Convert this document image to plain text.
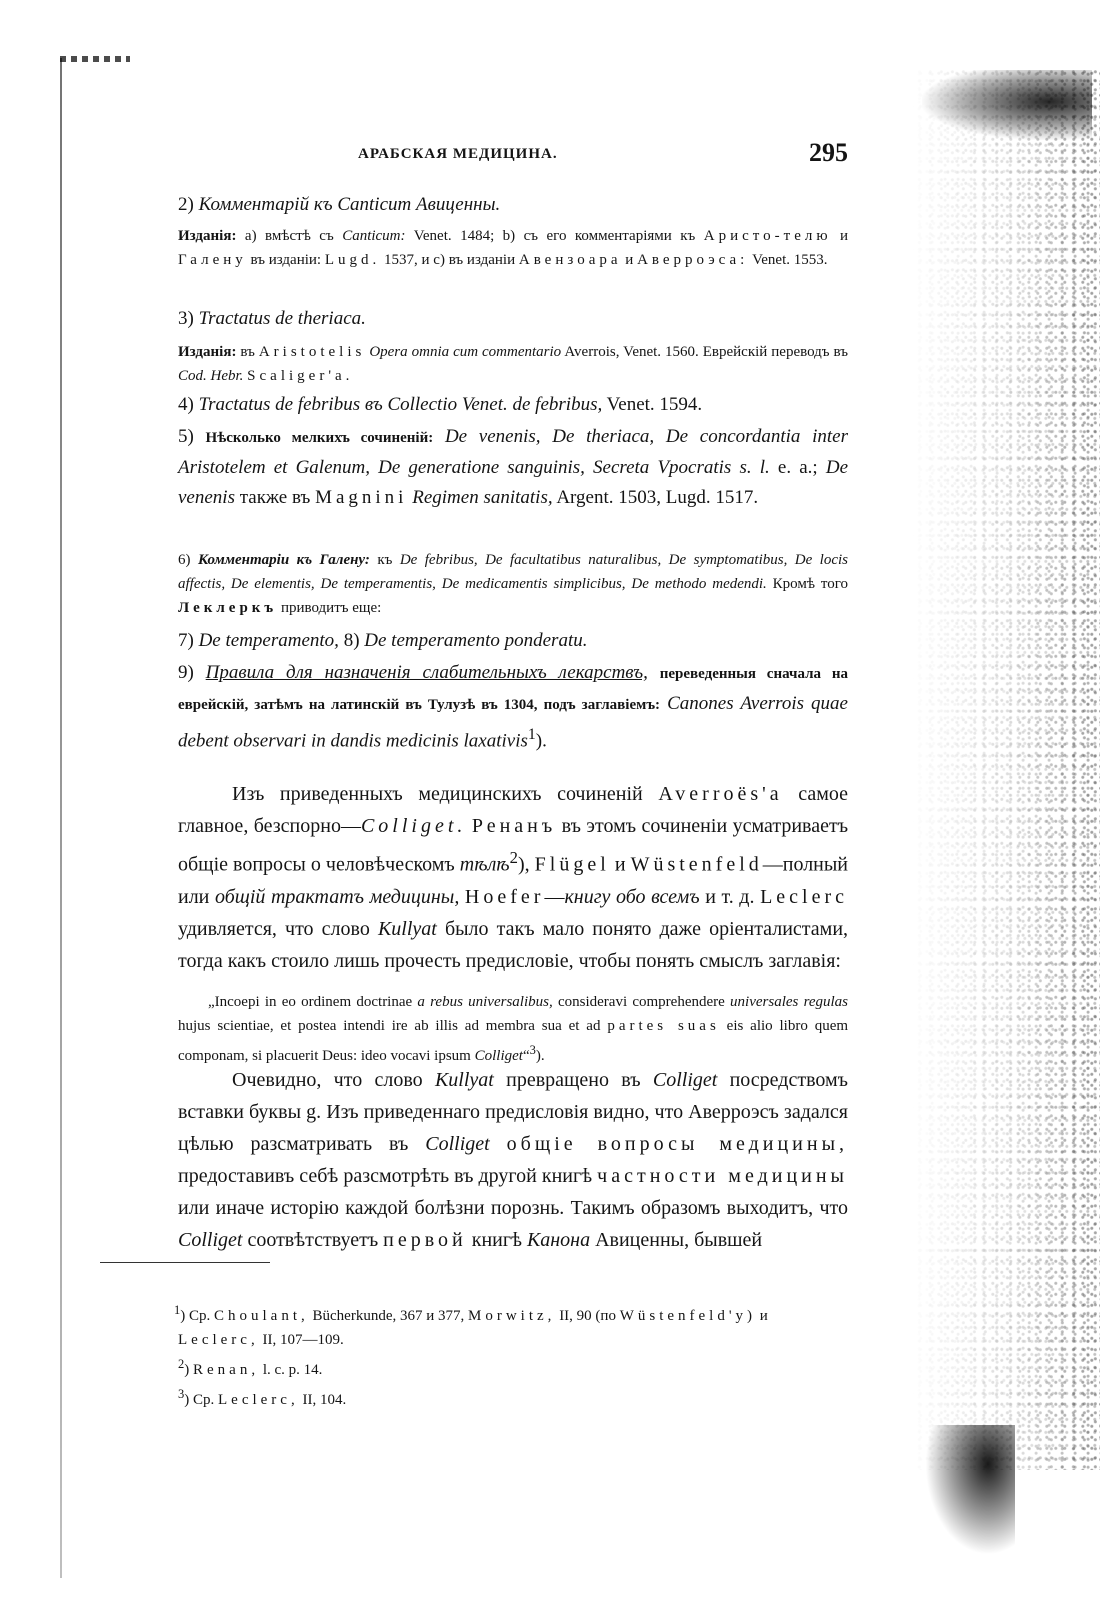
АРАБСКАЯ МЕДИЦИНА.	295

2) Комментарiй къ Canticum Авиценны.

Изданія: a) вмѣстѣ съ Canticum: Venet. 1484; b) съ его комментаріями къ Аристо-телю и Галену въ изданіи: Lugd. 1537, и c) въ изданіи Авензоара и Аверроэса: Venet. 1553.

3) Tractatus de theriaca.

Изданія: въ Aristotelis Opera omnia cum commentario Averrois, Venet. 1560. Еврейскій переводъ въ Cod. Hebr. Scaliger'a.

4) Tractatus de febribus въ Collectio Venet. de febribus, Venet. 1594.

5) Нѣсколько мелкихъ сочиненій: De venenis, De theriaca, De concordantia inter Aristotelem et Galenum, De generatione sanguinis, Secreta Vpocratis s. l. e. a.; De venenis также въ Magnini Regimen sanitatis, Argent. 1503, Lugd. 1517.

6) Комментаріи къ Галену: къ De febribus, De facultatibus naturalibus, De symptomatibus, De locis affectis, De elementis, De temperamentis, De medicamentis simplicibus, De methodo medendi. Кромѣ того Леклеркъ приводитъ еще:

7) De temperamento, 8) De temperamento ponderatu.

9) Правила для назначенія слабительныхъ лекарствъ, переведенныя сначала на еврейскій, затѣмъ на латинскій въ Тулузѣ въ 1304, подъ заглавіемъ: Canones Averrois quae debent observari in dandis medicinis laxativis$^1$).

Изъ приведенныхъ медицинскихъ сочиненій Averroës'а самое главное, безспорно—Colliget. Ренанъ въ этомъ сочиненіи усматриваетъ общіе вопросы о человѣческомъ тѣлѣ$^2$), Flügel и Wüstenfeld—полный или общій трактатъ медицины, Hoefer—книгу обо всемъ и т. д. Leclerc удивляется, что слово Kullyat было такъ мало понято даже оріенталистами, тогда какъ стоило лишь прочесть предисловіе, чтобы понять смыслъ заглавія:

„Incoepi in eo ordinem doctrinae a rebus universalibus, consideravi comprehendere universales regulas hujus scientiae, et postea intendi ire ab illis ad membra sua et ad partes suas eis alio libro quem componam, si placuerit Deus: ideo vocavi ipsum Colliget“$^3$).

Очевидно, что слово Kullyat превращено въ Colliget посредствомъ вставки буквы g. Изъ приведеннаго предисловія видно, что Аверроэсъ задался цѣлью разсматривать въ Colliget общіе вопросы медицины, предоставивъ себѣ разсмотрѣть въ другой книгѣ частности медицины или иначе исторію каждой болѣзни порознь. Такимъ образомъ выходитъ, что Colliget соотвѣтствуетъ первой книгѣ Канона Авиценны, бывшей

$^1$) Cp. Choulant, Bücherkunde, 367 и 377, Morwitz, II, 90 (по Wüstenfeld'y) и Leclerc, II, 107—109.

$^2$) Renan, l. c. p. 14.

$^3$) Cp. Leclerc, II, 104.
